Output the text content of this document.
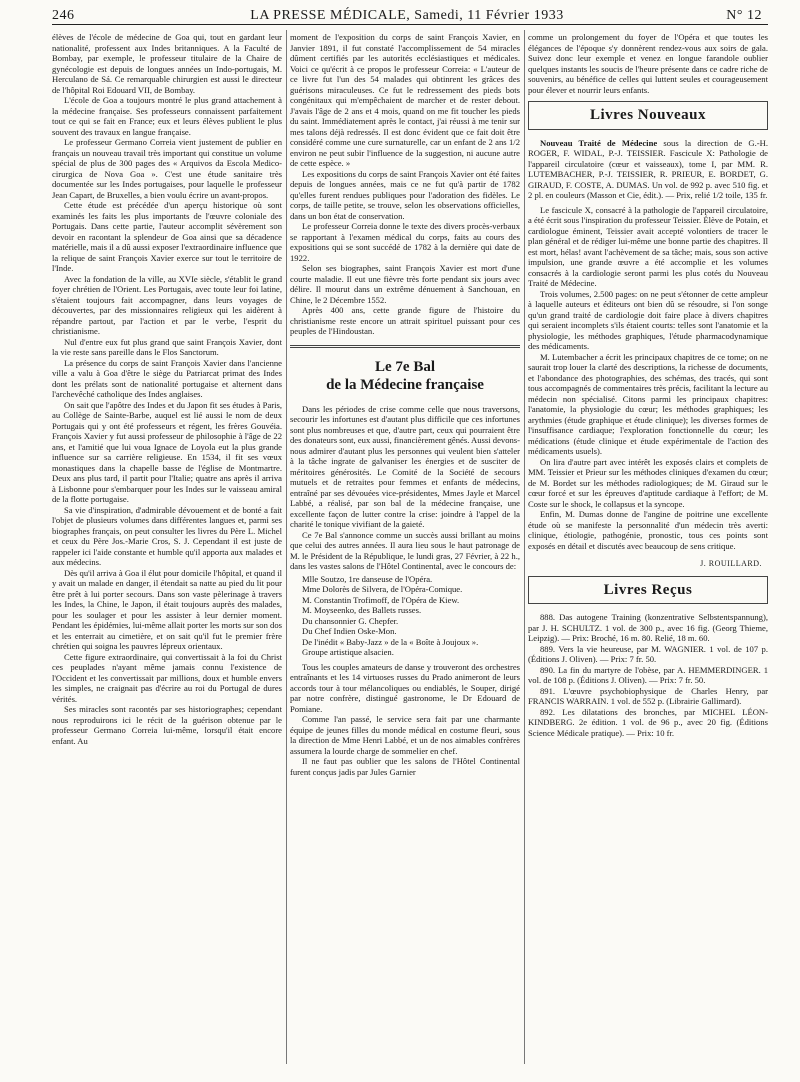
246	LA PRESSE MÉDICALE, Samedi, 11 Février 1933	N° 12

élèves de l'école de médecine de Goa qui, tout en gardant leur nationalité, professent aux Indes britanniques. A la Faculté de Bombay, par exemple, le professeur titulaire de la Chaire de gynécologie est depuis de longues années un Indo-portugais, M. Herculano de Sá. Ce remarquable chirurgien est aussi le directeur de l'hôpital Roi Edouard VII, de Bombay.

L'école de Goa a toujours montré le plus grand attachement à la médecine française. Ses professeurs connaissent parfaitement tout ce qui se fait en France; eux et leurs élèves publient le plus souvent des travaux en langue française.

Le professeur Germano Correia vient justement de publier en français un nouveau travail très important qui constitue un volume spécial de plus de 300 pages des « Arquivos da Escola Medico-cirurgica de Nova Goa ». C'est une étude sanitaire très documentée sur les Indes portugaises, pour laquelle le professeur Jean Capart, de Bruxelles, a bien voulu écrire un avant-propos.

Cette étude est précédée d'un aperçu historique où sont examinés les faits les plus importants de l'œuvre coloniale des Portugais. Dans cette partie, l'auteur accomplit sévèrement son devoir en racontant la splendeur de Goa ainsi que sa décadence matérielle, mais il a dû aussi exposer l'extraordinaire influence que la relique de saint François Xavier exerce sur tout le territoire de l'Inde.

Avec la fondation de la ville, au XVIe siècle, s'établit le grand foyer chrétien de l'Orient. Les Portugais, avec toute leur foi latine, s'étaient toujours fait accompagner, dans leurs voyages de découvertes, par des missionnaires religieux qui les aidèrent à répandre partout, par l'action et par le verbe, l'esprit du christianisme.

Nul d'entre eux fut plus grand que saint François Xavier, dont la vie reste sans pareille dans le Flos Sanctorum.

La présence du corps de saint François Xavier dans l'ancienne ville a valu à Goa d'être le siège du Patriarcat primat des Indes dont les prélats sont de nationalité portugaise et alternent dans l'archevêché catholique des Indes anglaises.

On sait que l'apôtre des Indes et du Japon fit ses études à Paris, au Collège de Sainte-Barbe, auquel est lié aussi le nom de deux Portugais qui y ont été professeurs et régent, les frères Gouvéia. François Xavier y fut aussi professeur de philosophie à l'âge de 22 ans, et l'amitié que lui voua Ignace de Loyola eut la plus grande influence sur sa carrière religieuse. En 1534, il fit ses vœux monastiques dans la chapelle basse de l'église de Montmartre. Deux ans plus tard, il partit pour l'Italie; quatre ans après il arriva à Lisbonne pour s'embarquer pour les Indes sur le vaisseau amiral de la flotte portugaise.

Sa vie d'inspiration, d'admirable dévouement et de bonté a fait l'objet de plusieurs volumes dans différentes langues et, parmi ses biographes français, on peut consulter les livres du Père L. Michel et ceux du Père Jos.-Marie Cros, S. J. Cependant il est juste de rappeler ici l'aide constante et humble qu'il apporta aux malades et aux médecins.

Dès qu'il arriva à Goa il élut pour domicile l'hôpital, et quand il y avait un malade en danger, il étendait sa natte au pied du lit pour être prêt à lui porter secours. Dans son vaste pèlerinage à travers les Indes, la Chine, le Japon, il était toujours auprès des malades, pour les soulager et pour les assister à leur dernier moment. Pendant les épidémies, lui-même allait porter les morts sur son dos et les enterrait au cimetière, et on sait qu'il fut le premier frère chrétien qui soigna les pauvres lépreux orientaux.

Cette figure extraordinaire, qui convertissait à la foi du Christ ces peuplades n'ayant même jamais connu l'existence de l'Occident et les convertissait par millions, doux et humble envers les simples, ne craignait pas d'écrire au roi du Portugal de dures vérités.

Ses miracles sont racontés par ses historiographes; cependant nous reproduirons ici le récit de la guérison obtenue par le professeur Germano Correia lui-même, lorsqu'il était encore enfant. Au

moment de l'exposition du corps de saint François Xavier, en Janvier 1891, il fut constaté l'accomplissement de 54 miracles dûment certifiés par les autorités ecclésiastiques et médicales. Voici ce qu'écrit à ce propos le professeur Correia: « L'auteur de ce livre fut l'un des 54 malades qui obtinrent les grâces des guérisons miraculeuses. Ce fut le redressement des pieds bots congénitaux qui m'empêchaient de marcher et de rester debout. J'avais l'âge de 2 ans et 4 mois, quand on me fit toucher les pieds du saint. Immédiatement après le contact, j'ai réussi à me tenir sur mes talons déjà redressés. Il est donc évident que ce fait doit être considéré comme une cure surnaturelle, car un enfant de 2 ans 1/2 environ ne peut subir l'influence de la suggestion, ni aucune autre de cette espèce. »

Les expositions du corps de saint François Xavier ont été faites depuis de longues années, mais ce ne fut qu'à partir de 1782 qu'elles furent rendues publiques pour l'adoration des fidèles. Le corps, de taille petite, se trouve, selon les observations officielles, dans un bon état de conservation.

Le professeur Correia donne le texte des divers procès-verbaux se rapportant à l'examen médical du corps, faits au cours des expositions qui se sont succédé de 1782 à la dernière qui date de 1922.

Selon ses biographes, saint François Xavier est mort d'une courte maladie. Il eut une fièvre très forte pendant six jours avec délire. Il mourut dans un extrême dénuement à Sanchouan, en Chine, le 2 Décembre 1552.

Après 400 ans, cette grande figure de l'histoire du christianisme reste encore un attrait spirituel puissant pour ces peuples de l'Hindoustan.

Le 7e Bal
de la Médecine française

Dans les périodes de crise comme celle que nous traversons, secourir les infortunes est d'autant plus difficile que ces infortunes sont plus nombreuses et que, d'autre part, ceux qui pourraient être des donateurs sont, eux aussi, financièrement gênés. Aussi devons-nous admirer d'autant plus les personnes qui veulent bien s'atteler à la tâche ingrate de galvaniser les énergies et de susciter de méritoires générosités. Le Comité de la Société de secours mutuels et de retraites pour femmes et enfants de médecins, entraîné par ses dévouées vice-présidentes, Mmes Jayle et Marcel Labbé, a réalisé, par son bal de la médecine française, une excellente façon de lutter contre la crise: joindre à l'appel de la charité le tonique vivifiant de la gaieté.

Ce 7e Bal s'annonce comme un succès aussi brillant au moins que celui des autres années. Il aura lieu sous le haut patronage de M. le Président de la République, le lundi gras, 27 Février, à 22 h., dans les vastes salons de l'Hôtel Continental, avec le concours de:

Mlle Soutzo, 1re danseuse de l'Opéra.
Mme Dolorès de Silvera, de l'Opéra-Comique.
M. Constantin Trofimoff, de l'Opéra de Kiew.
M. Moyseenko, des Ballets russes.
Du chansonnier G. Chepfer.
Du Chef Indien Oske-Mon.
De l'inédit « Baby-Jazz » de la « Boîte à Joujoux ».
Groupe artistique alsacien.

Tous les couples amateurs de danse y trouveront des orchestres entraînants et les 14 virtuoses russes du Prado animeront de leurs accords tour à tour mélancoliques ou endiablés, le Souper, dirigé par notre confrère, distingué gastronome, le Dr Edouard de Pomiane.

Comme l'an passé, le service sera fait par une charmante équipe de jeunes filles du monde médical en costume fleuri, sous la direction de Mme Henri Labbé, et un de nos aimables confrères assumera la lourde charge de sommelier en chef.

Il ne faut pas oublier que les salons de l'Hôtel Continental furent conçus jadis par Jules Garnier

comme un prolongement du foyer de l'Opéra et que toutes les élégances de l'époque s'y donnèrent rendez-vous aux soirs de gala. Suivez donc leur exemple et venez en longue farandole oublier quelques instants les soucis de l'heure présente dans ce cadre riche de souvenirs, au bénéfice de celles qui luttent seules et courageusement pour élever et nourrir leurs enfants.

Livres Nouveaux

Nouveau Traité de Médecine sous la direction de G.-H. ROGER, F. WIDAL, P.-J. TEISSIER. Fascicule X: Pathologie de l'appareil circulatoire (cœur et vaisseaux), tome I, par MM. R. LUTEMBACHER, P.-J. TEISSIER, R. PRIEUR, E. BORDET, G. GIRAUD, F. COSTE, A. DUMAS. Un vol. de 992 p. avec 510 fig. et 2 pl. en couleurs (Masson et Cie, édit.). — Prix, relié 1/2 toile, 135 fr.

Le fascicule X, consacré à la pathologie de l'appareil circulatoire, a été écrit sous l'inspiration du professeur Teissier. Élève de Potain, et cardiologue éminent, Teissier avait accepté volontiers de tracer le plan général et de rédiger lui-même une bonne partie des chapitres. Il est mort, hélas! avant l'achèvement de sa tâche; mais, sous son active impulsion, une grande œuvre a été accomplie et les volumes consacrés à la cardiologie seront parmi les plus cotés du Nouveau Traité de Médecine.

Trois volumes, 2.500 pages: on ne peut s'étonner de cette ampleur à laquelle auteurs et éditeurs ont bien dû se résoudre, si l'on songe qu'un grand traité de cardiologie doit faire place à divers chapitres qui seraient incomplets s'ils étaient courts: telles sont l'anatomie et la physiologie, les méthodes graphiques, l'étude pharmacodynamique des médicaments.

M. Lutembacher a écrit les principaux chapitres de ce tome; on ne saurait trop louer la clarté des descriptions, la richesse de documents, et l'abondance des photographies, des schémas, des tracés, qui sont tous accompagnés de commentaires très précis, facilitant la lecture au médecin non spécialisé. Citons parmi les principaux chapitres: l'anatomie, la physiologie du cœur; les méthodes graphiques; les arythmies (étude graphique et étude clinique); les diverses formes de l'insuffisance cardiaque; l'exploration fonctionnelle du cœur; les médications (étude clinique et étude expérimentale de l'action des médicaments usuels).

On lira d'autre part avec intérêt les exposés clairs et complets de MM. Teissier et Prieur sur les méthodes cliniques d'examen du cœur; de M. Bordet sur les méthodes radiologiques; de M. Giraud sur le cœur forcé et sur les épreuves d'aptitude cardiaque à l'effort; de M. Coste sur le shock, le collapsus et la syncope.

Enfin, M. Dumas donne de l'angine de poitrine une excellente étude où se manifeste la personnalité d'un médecin très averti: clinique, étiologie, pathogénie, pronostic, tous ces points sont exposés en détail et discutés avec beaucoup de sens critique.

J. ROUILLARD.
Livres Reçus

888. Das autogene Training (konzentrative Selbstentspannung), par J. H. SCHULTZ. 1 vol. de 300 p., avec 16 fig. (Georg Thieme, Leipzig). — Prix: Broché, 16 m. 80. Relié, 18 m. 60.

889. Vers la vie heureuse, par M. WAGNIER. 1 vol. de 107 p. (Éditions J. Oliven). — Prix: 7 fr. 50.

890. La fin du martyre de l'obèse, par A. HEMMERDINGER. 1 vol. de 108 p. (Éditions J. Oliven). — Prix: 7 fr. 50.

891. L'œuvre psychobiophysique de Charles Henry, par FRANCIS WARRAIN. 1 vol. de 552 p. (Librairie Gallimard).

892. Les dilatations des bronches, par MICHEL LÉON-KINDBERG. 2e édition. 1 vol. de 96 p., avec 20 fig. (Éditions Science Médicale pratique). — Prix: 10 fr.
